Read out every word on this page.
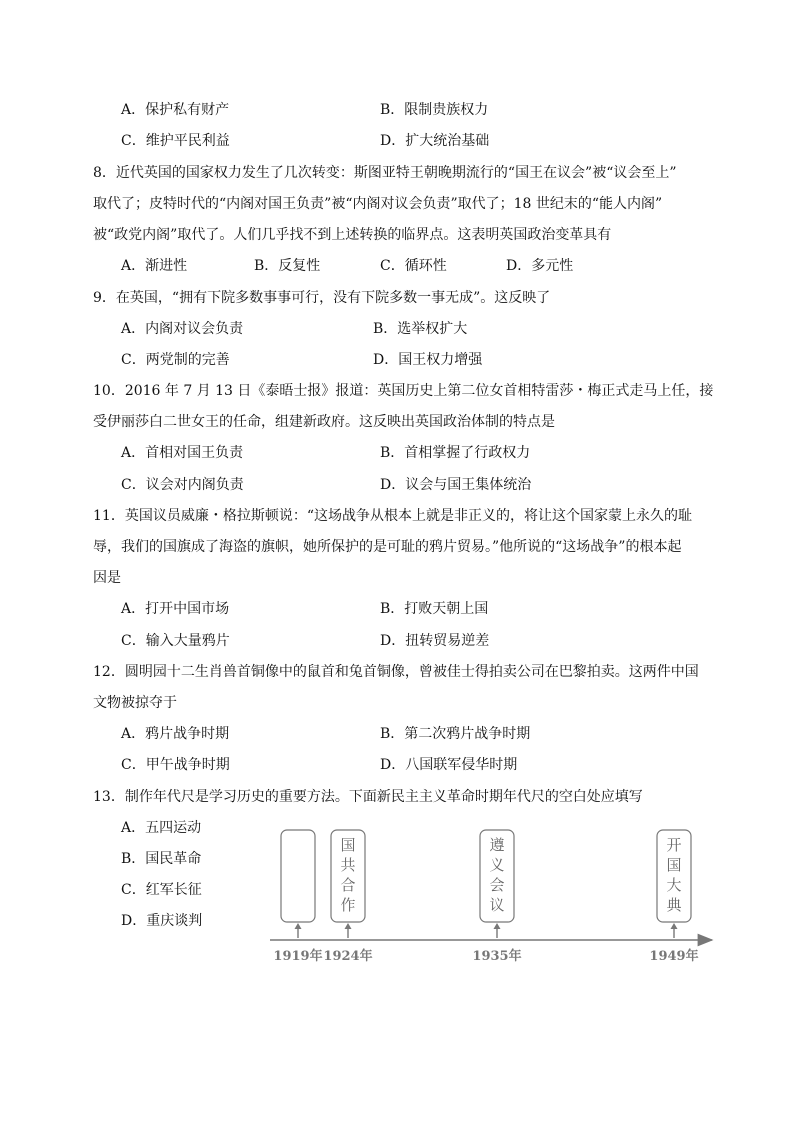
A．保护私有财产	B．限制贵族权力
C．维护平民利益	D．扩大统治基础
8．近代英国的国家权力发生了几次转变：斯图亚特王朝晚期流行的“国王在议会”被“议会至上”
取代了；皮特时代的“内阁对国王负责”被“内阁对议会负责”取代了；18 世纪末的“能人内阁”
被“政党内阁”取代了。人们几乎找不到上述转换的临界点。这表明英国政治变革具有
A．渐进性	B．反复性	C．循环性	D．多元性
9．在英国，“拥有下院多数事事可行，没有下院多数一事无成”。这反映了
A．内阁对议会负责	B．选举权扩大
C．两党制的完善	D．国王权力增强
10．2016 年 7 月 13 日《泰晤士报》报道：英国历史上第二位女首相特雷莎・梅正式走马上任，接
受伊丽莎白二世女王的任命，组建新政府。这反映出英国政治体制的特点是
A．首相对国王负责	B．首相掌握了行政权力
C．议会对内阁负责	D．议会与国王集体统治
11．英国议员威廉・格拉斯顿说：“这场战争从根本上就是非正义的，将让这个国家蒙上永久的耻
辱，我们的国旗成了海盗的旗帜，她所保护的是可耻的鸦片贸易。”他所说的“这场战争”的根本起
因是
A．打开中国市场	B．打败天朝上国
C．输入大量鸦片	D．扭转贸易逆差
12．圆明园十二生肖兽首铜像中的鼠首和兔首铜像，曾被佳士得拍卖公司在巴黎拍卖。这两件中国
文物被掠夺于
A．鸦片战争时期	B．第二次鸦片战争时期
C．甲午战争时期	D．八国联军侵华时期
13．制作年代尺是学习历史的重要方法。下面新民主主义革命时期年代尺的空白处应填写
A．五四运动
B．国民革命
C．红军长征
D．重庆谈判
1919年
国
共
合
作
1924年
遵
义
会
议
1935年
开
国
大
典
1949年
